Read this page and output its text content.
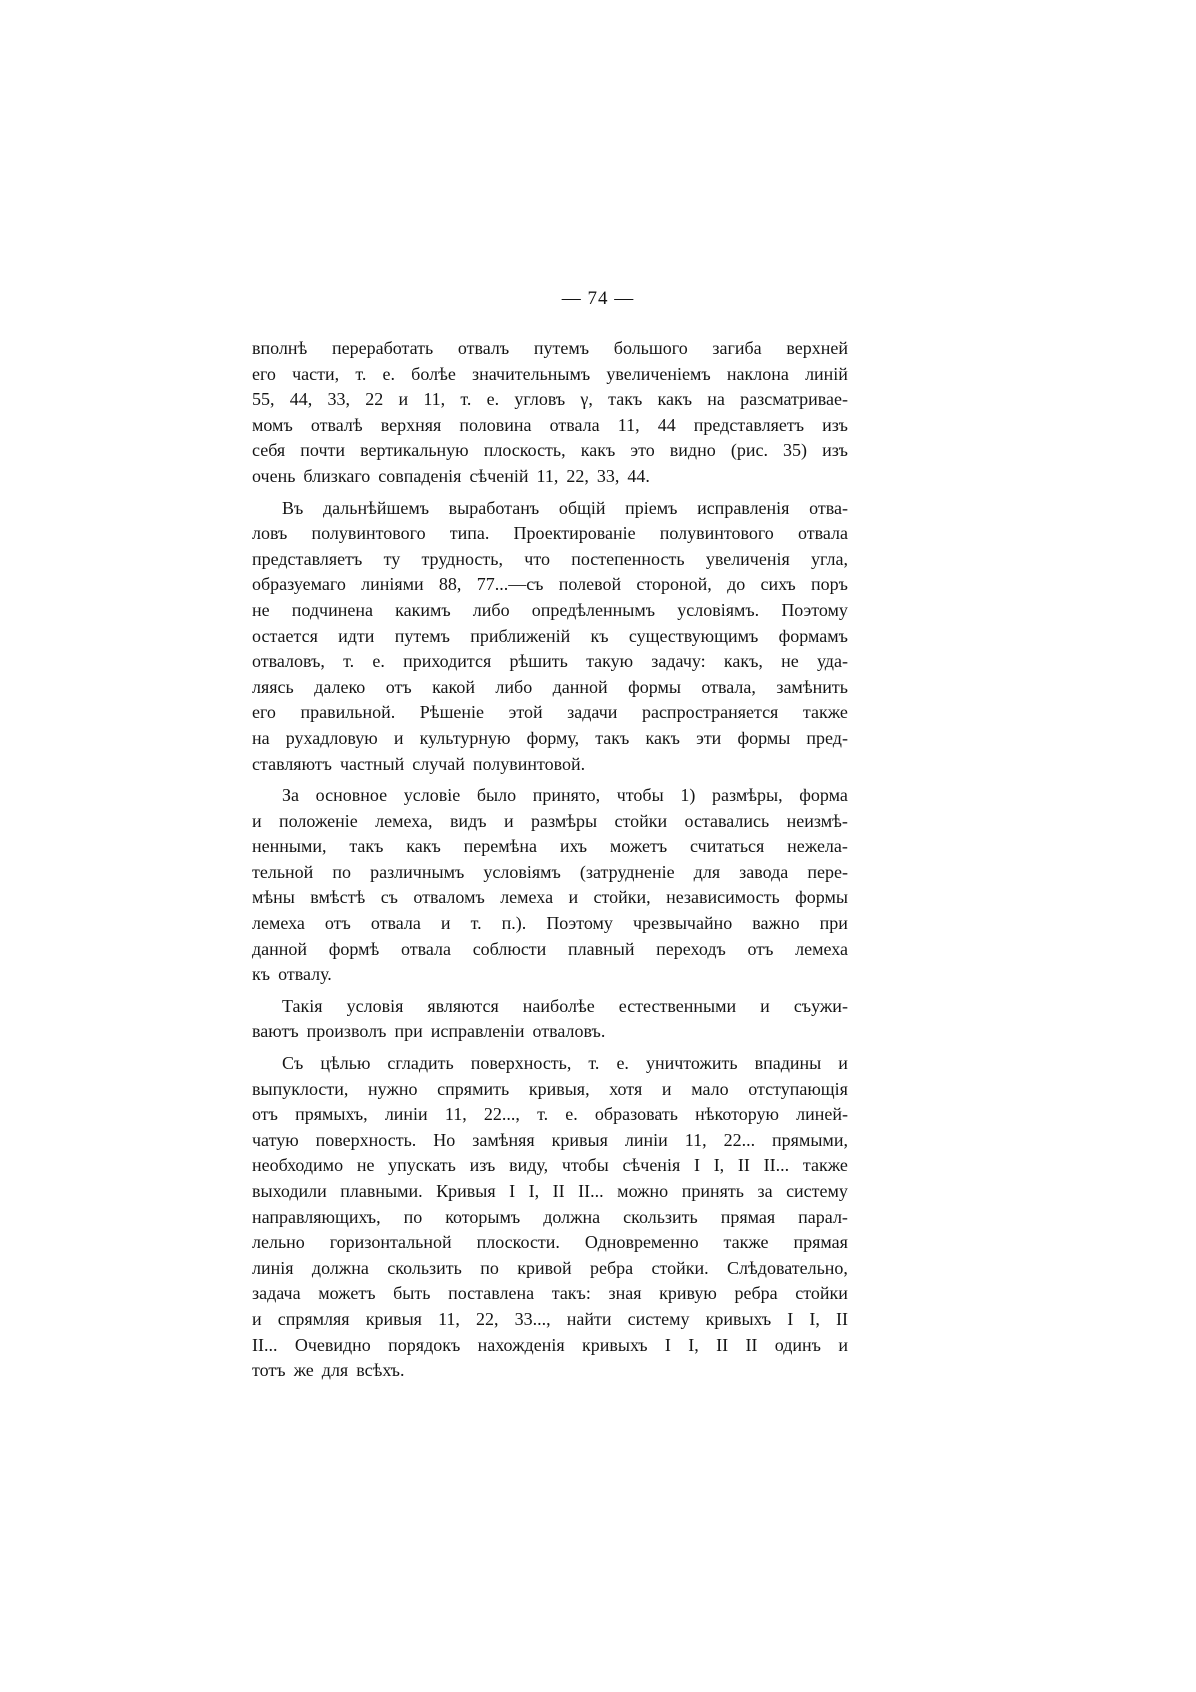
— 74 —
вполнѣ переработать отвалъ путемъ большого загиба верхней
его части, т. е. болѣе значительнымъ увеличеніемъ наклона линій
55, 44, 33, 22 и 11, т. е. угловъ γ, такъ какъ на разсматривае-
момъ отвалѣ верхняя половина отвала 11, 44 представляетъ изъ
себя почти вертикальную плоскость, какъ это видно (рис. 35) изъ
очень близкаго совпаденія сѣченій 11, 22, 33, 44.
Въ дальнѣйшемъ выработанъ общій пріемъ исправленія отва-
ловъ полувинтового типа. Проектированіе полувинтового отвала
представляетъ ту трудность, что постепенность увеличенія угла,
образуемаго линіями 88, 77...—съ полевой стороной, до сихъ поръ
не подчинена какимъ либо опредѣленнымъ условіямъ. Поэтому
остается идти путемъ приближеній къ существующимъ формамъ
отваловъ, т. е. приходится рѣшить такую задачу: какъ, не уда-
ляясь далеко отъ какой либо данной формы отвала, замѣнить
его правильной. Рѣшеніе этой задачи распространяется также
на рухадловую и культурную форму, такъ какъ эти формы пред-
ставляютъ частный случай полувинтовой.
За основное условіе было принято, чтобы 1) размѣры, форма
и положеніе лемеха, видъ и размѣры стойки оставались неизмѣ-
ненными, такъ какъ перемѣна ихъ можетъ считаться нежела-
тельной по различнымъ условіямъ (затрудненіе для завода пере-
мѣны вмѣстѣ съ отваломъ лемеха и стойки, независимость формы
лемеха отъ отвала и т. п.). Поэтому чрезвычайно важно при
данной формѣ отвала соблюсти плавный переходъ отъ лемеха
къ отвалу.
Такія условія являются наиболѣе естественными и съужи-
ваютъ произволъ при исправленіи отваловъ.
Съ цѣлью сгладить поверхность, т. е. уничтожить впадины и
выпуклости, нужно спрямить кривыя, хотя и мало отступающія
отъ прямыхъ, линіи 11, 22..., т. е. образовать нѣкоторую линей-
чатую поверхность. Но замѣняя кривыя линіи 11, 22... прямыми,
необходимо не упускать изъ виду, чтобы сѣченія I I, II II... также
выходили плавными. Кривыя I I, II II... можно принять за систему
направляющихъ, по которымъ должна скользить прямая парал-
лельно горизонтальной плоскости. Одновременно также прямая
линія должна скользить по кривой ребра стойки. Слѣдовательно,
задача можетъ быть поставлена такъ: зная кривую ребра стойки
и спрямляя кривыя 11, 22, 33..., найти систему кривыхъ I I, II
II... Очевидно порядокъ нахожденія кривыхъ I I, II II одинъ и
тотъ же для всѣхъ.
